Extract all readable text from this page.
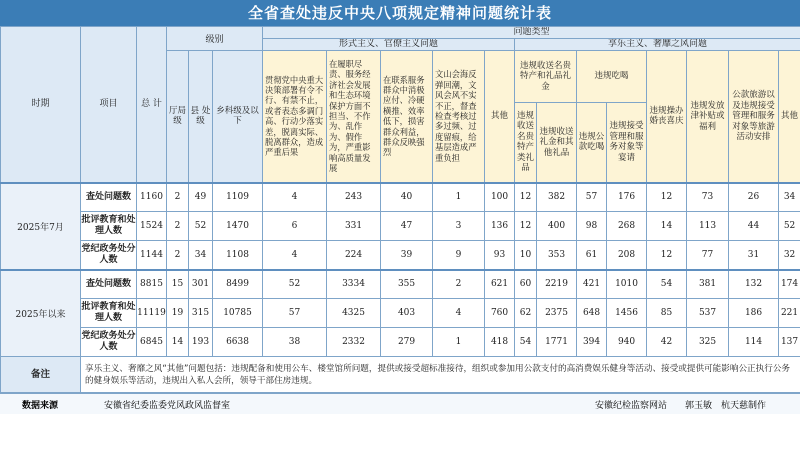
全省查处违反中央八项规定精神问题统计表
时期	项目	总 计	级别			问题类型												
						形式主义、官僚主义问题					享乐主义、奢靡之风问题							
			厅局级	县 处级	乡科级及以下	贯彻党中央重大决策部署有令不行、有禁不止，或者表态多调门高、行动少落实差，脱离实际、脱离群众，造成严重后果	在履职尽责、服务经济社会发展和生态环境保护方面不担当、不作为、乱作为、假作为，严重影响高质量发展	在联系服务群众中消极应付、冷硬横推、效率低下，损害群众利益，群众反映强烈	文山会海反弹回潮，文风会风不实不正，督查检查考核过多过频、过度留痕，给基层造成严重负担	其他	违规收送名贵特产和礼品礼金		违规吃喝		违规操办婚丧喜庆	违规发放津补贴或福利	公款旅游以及违规接受管理和服务对象等旅游活动安排	其他
											违规收送名贵特产类礼品	违规收送礼金和其他礼品	违规公款吃喝	违规接受管理和服务对象等宴请				
2025年7月	查处问题数	1160	2	49	1109	4	243	40	1	100	12	382	57	176	12	73	26	34
	批评教育和处理人数	1524	2	52	1470	6	331	47	3	136	12	400	98	268	14	113	44	52
	党纪政务处分人数	1144	2	34	1108	4	224	39	9	93	10	353	61	208	12	77	31	32
2025年以来	查处问题数	8815	15	301	8499	52	3334	355	2	621	60	2219	421	1010	54	381	132	174
	批评教育和处理人数	11119	19	315	10785	57	4325	403	4	760	62	2375	648	1456	85	537	186	221
	党纪政务处分人数	6845	14	193	6638	38	2332	279	1	418	54	1771	394	940	42	325	114	137
备注	享乐主义、奢靡之风“其他”问题包括：违规配备和使用公车、楼堂馆所问题，提供或接受超标准接待，组织或参加用公款支付的高消费娱乐健身等活动、接受或提供可能影响公正执行公务的健身娱乐等活动，违规出入私人会所，领导干部住房违规。																	
数据来源	安徽省纪委监委党风政风监督室	安徽纪检监察网站　　郭玉敏　杭天慈制作
